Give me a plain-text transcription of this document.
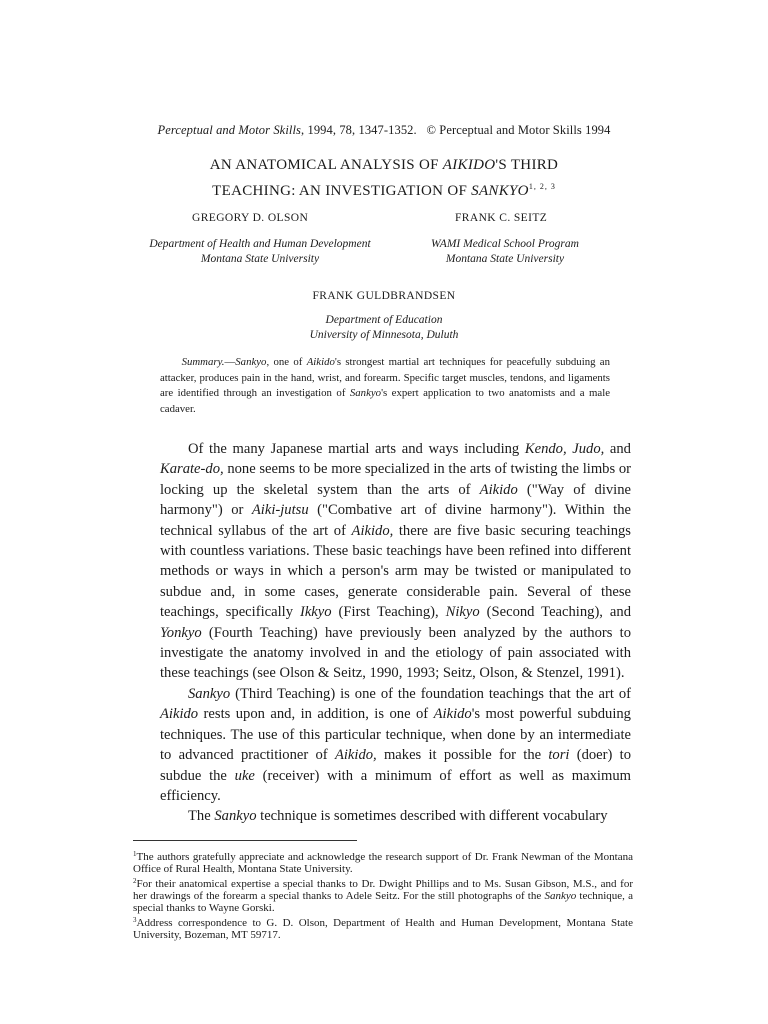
Perceptual and Motor Skills, 1994, 78, 1347-1352. © Perceptual and Motor Skills 1994
AN ANATOMICAL ANALYSIS OF AIKIDO'S THIRD
TEACHING: AN INVESTIGATION OF SANKYO$^{1, 2, 3}$
GREGORY D. OLSON
Department of Health and Human Development
Montana State University
FRANK C. SEITZ
WAMI Medical School Program
Montana State University
FRANK GULDBRANDSEN
Department of Education
University of Minnesota, Duluth
Summary.—Sankyo, one of Aikido's strongest martial art techniques for peacefully subduing an attacker, produces pain in the hand, wrist, and forearm. Specific target muscles, tendons, and ligaments are identified through an investigation of Sankyo's expert application to two anatomists and a male cadaver.

Of the many Japanese martial arts and ways including Kendo, Judo, and Karate-do, none seems to be more specialized in the arts of twisting the limbs or locking up the skeletal system than the arts of Aikido ("Way of divine harmony") or Aiki-jutsu ("Combative art of divine harmony"). Within the technical syllabus of the art of Aikido, there are five basic securing teachings with countless variations. These basic teachings have been refined into different methods or ways in which a person's arm may be twisted or manipulated to subdue and, in some cases, generate considerable pain. Several of these teachings, specifically Ikkyo (First Teaching), Nikyo (Second Teaching), and Yonkyo (Fourth Teaching) have previously been analyzed by the authors to investigate the anatomy involved in and the etiology of pain associated with these teachings (see Olson & Seitz, 1990, 1993; Seitz, Olson, & Stenzel, 1991).

Sankyo (Third Teaching) is one of the foundation teachings that the art of Aikido rests upon and, in addition, is one of Aikido's most powerful subduing techniques. The use of this particular technique, when done by an intermediate to advanced practitioner of Aikido, makes it possible for the tori (doer) to subdue the uke (receiver) with a minimum of effort as well as maximum efficiency.

The Sankyo technique is sometimes described with different vocabulary

$^1$The authors gratefully appreciate and acknowledge the research support of Dr. Frank Newman of the Montana Office of Rural Health, Montana State University.

$^2$For their anatomical expertise a special thanks to Dr. Dwight Phillips and to Ms. Susan Gibson, M.S., and for her drawings of the forearm a special thanks to Adele Seitz. For the still photographs of the Sankyo technique, a special thanks to Wayne Gorski.

$^3$Address correspondence to G. D. Olson, Department of Health and Human Development, Montana State University, Bozeman, MT 59717.
